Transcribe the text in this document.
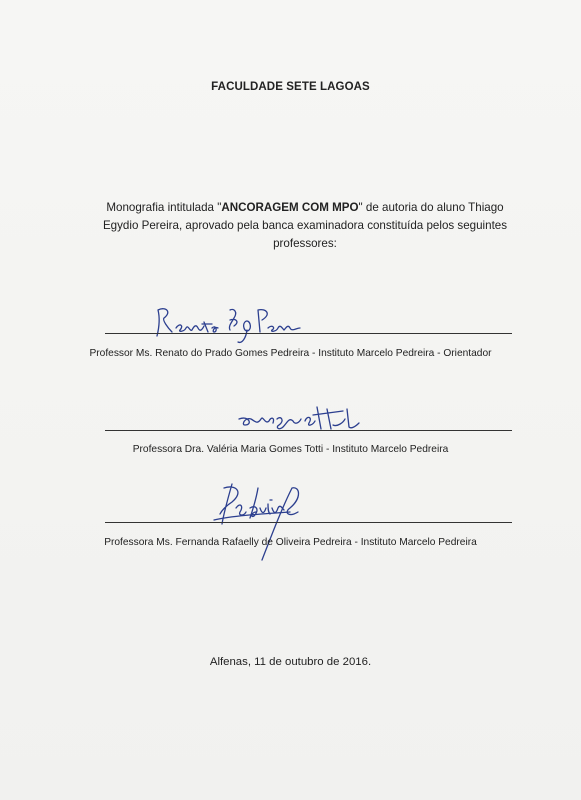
FACULDADE SETE LAGOAS
Monografia intitulada "ANCORAGEM COM MPO" de autoria do aluno Thiago Egydio Pereira, aprovado pela banca examinadora constituída pelos seguintes professores:
Professor Ms. Renato do Prado Gomes Pedreira - Instituto Marcelo Pedreira - Orientador
Professora Dra. Valéria Maria Gomes Totti - Instituto Marcelo Pedreira
Professora Ms. Fernanda Rafaelly de Oliveira Pedreira - Instituto Marcelo Pedreira
Alfenas, 11 de outubro de 2016.
